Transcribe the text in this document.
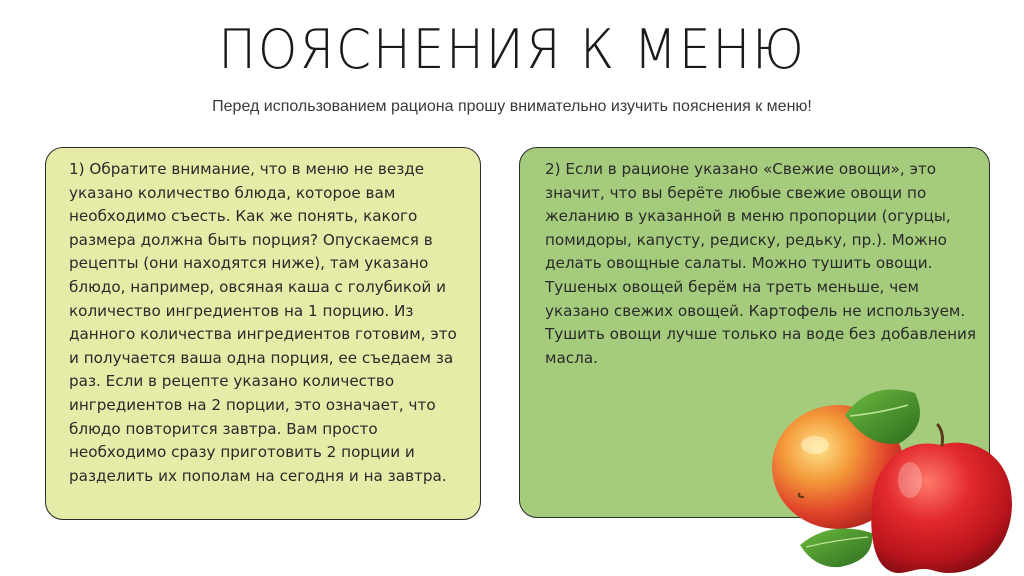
ПОЯСНЕНИЯ К МЕНЮ
Перед использованием рациона прошу внимательно изучить пояснения к меню!

1) Обратите внимание, что в меню не везде указано количество блюда, которое вам необходимо съесть. Как же понять, какого размера должна быть порция? Опускаемся в рецепты (они находятся ниже), там указано блюдо, например, овсяная каша с голубикой и количество ингредиентов на 1 порцию. Из данного количества ингредиентов готовим, это и получается ваша одна порция, ее съедаем за раз. Если в рецепте указано количество ингредиентов на 2 порции, это означает, что блюдо повторится завтра. Вам просто необходимо сразу приготовить 2 порции и разделить их пополам на сегодня и на завтра.

2) Если в рационе указано «Свежие овощи», это значит, что вы берёте любые свежие овощи по желанию в указанной в меню пропорции (огурцы, помидоры, капусту, редиску, редьку, пр.). Можно делать овощные салаты. Можно тушить овощи. Тушеных овощей берём на треть меньше, чем указано свежих овощей. Картофель не используем. Тушить овощи лучше только на воде без добавления масла.
